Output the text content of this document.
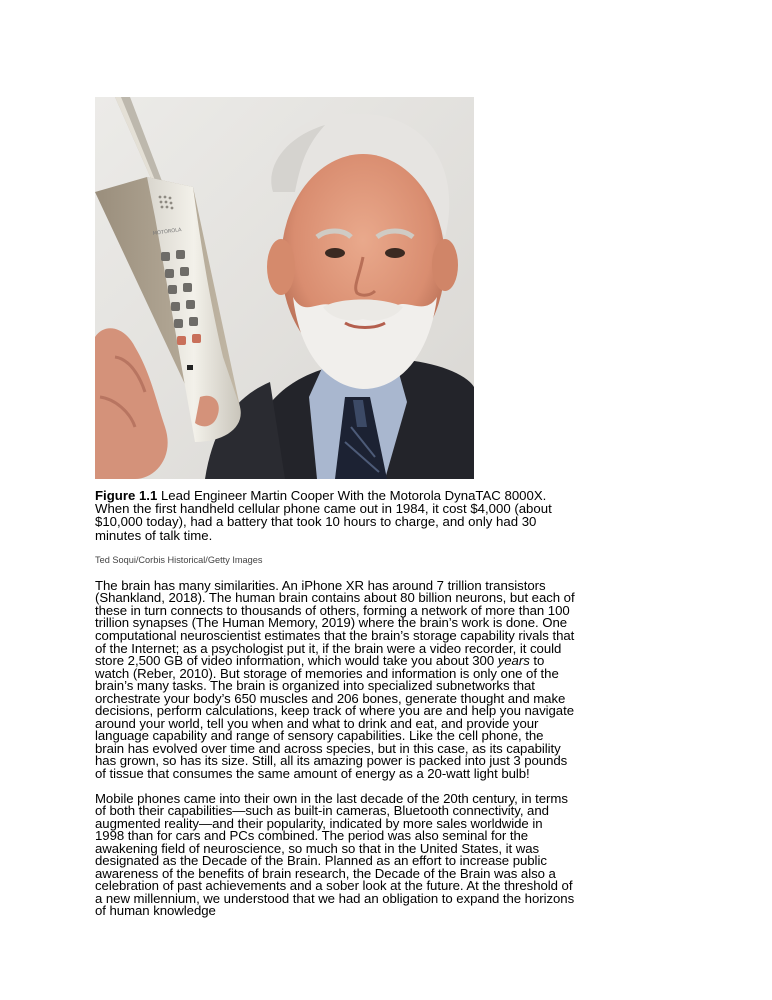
MOTOROLA
Figure 1.1 Lead Engineer Martin Cooper With the Motorola DynaTAC 8000X. When the first handheld cellular phone came out in 1984, it cost $4,000 (about $10,000 today), had a battery that took 10 hours to charge, and only had 30 minutes of talk time.
Ted Soqui/Corbis Historical/Getty Images

The brain has many similarities. An iPhone XR has around 7 trillion transistors (Shankland, 2018). The human brain contains about 80 billion neurons, but each of these in turn connects to thousands of others, forming a network of more than 100 trillion synapses (The Human Memory, 2019) where the brain’s work is done. One computational neuroscientist estimates that the brain’s storage capability rivals that of the Internet; as a psychologist put it, if the brain were a video recorder, it could store 2,500 GB of video information, which would take you about 300 years to watch (Reber, 2010). But storage of memories and information is only one of the brain’s many tasks. The brain is organized into specialized subnetworks that orchestrate your body’s 650 muscles and 206 bones, generate thought and make decisions, perform calculations, keep track of where you are and help you navigate around your world, tell you when and what to drink and eat, and provide your language capability and range of sensory capabilities. Like the cell phone, the brain has evolved over time and across species, but in this case, as its capability has grown, so has its size. Still, all its amazing power is packed into just 3 pounds of tissue that consumes the same amount of energy as a 20-watt light bulb!

Mobile phones came into their own in the last decade of the 20th century, in terms of both their capabilities—such as built-in cameras, Bluetooth connectivity, and augmented reality—and their popularity, indicated by more sales worldwide in 1998 than for cars and PCs combined. The period was also seminal for the awakening field of neuroscience, so much so that in the United States, it was designated as the Decade of the Brain. Planned as an effort to increase public awareness of the benefits of brain research, the Decade of the Brain was also a celebration of past achievements and a sober look at the future. At the threshold of a new millennium, we understood that we had an obligation to expand the horizons of human knowledge
